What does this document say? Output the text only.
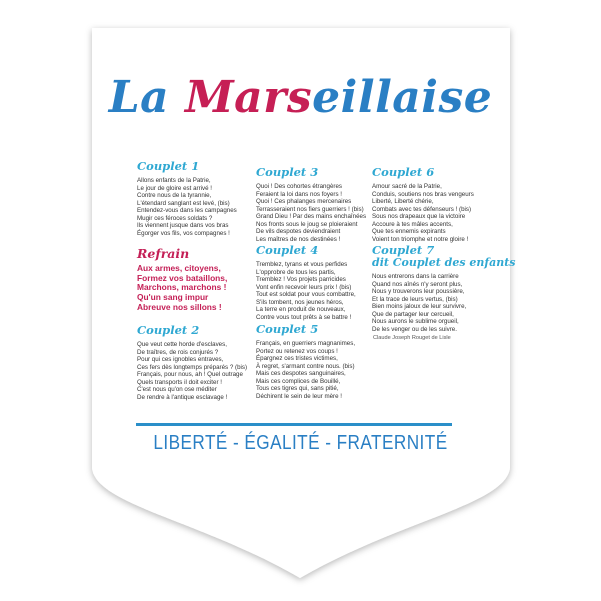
La Marseillaise
Couplet 1
Allons enfants de la Patrie,
Le jour de gloire est arrivé !
Contre nous de la tyrannie,
L'étendard sanglant est levé, (bis)
Entendez-vous dans les campagnes
Mugir ces féroces soldats ?
Ils viennent jusque dans vos bras
Égorger vos fils, vos compagnes !
Refrain
Aux armes, citoyens,
Formez vos bataillons,
Marchons, marchons !
Qu'un sang impur
Abreuve nos sillons !
Couplet 2
Que veut cette horde d'esclaves,
De traîtres, de rois conjurés ?
Pour qui ces ignobles entraves,
Ces fers dès longtemps préparés ? (bis)
Français, pour nous, ah ! Quel outrage
Quels transports il doit exciter !
C'est nous qu'on ose méditer
De rendre à l'antique esclavage !
Couplet 3
Quoi ! Des cohortes étrangères
Feraient la loi dans nos foyers !
Quoi ! Ces phalanges mercenaires
Terrasseraient nos fiers guerriers ! (bis)
Grand Dieu ! Par des mains enchaînées
Nos fronts sous le joug se ploieraient
De vils despotes deviendraient
Les maîtres de nos destinées !
Couplet 4
Tremblez, tyrans et vous perfides
L'opprobre de tous les partis,
Tremblez ! Vos projets parricides
Vont enfin recevoir leurs prix ! (bis)
Tout est soldat pour vous combattre,
S'ils tombent, nos jeunes héros,
La terre en produit de nouveaux,
Contre vous tout prêts à se battre !
Couplet 5
Français, en guerriers magnanimes,
Portez ou retenez vos coups !
Épargnez ces tristes victimes,
À regret, s'armant contre nous. (bis)
Mais ces despotes sanguinaires,
Mais ces complices de Bouillé,
Tous ces tigres qui, sans pitié,
Déchirent le sein de leur mère !
Couplet 6
Amour sacré de la Patrie,
Conduis, soutiens nos bras vengeurs
Liberté, Liberté chérie,
Combats avec tes défenseurs ! (bis)
Sous nos drapeaux que la victoire
Accoure à tes mâles accents,
Que tes ennemis expirants
Voient ton triomphe et notre gloire !
Couplet 7
dit Couplet des enfants
Nous entrerons dans la carrière
Quand nos aînés n'y seront plus,
Nous y trouverons leur poussière,
Et la trace de leurs vertus, (bis)
Bien moins jaloux de leur survivre,
Que de partager leur cercueil,
Nous aurons le sublime orgueil,
De les venger ou de les suivre.
Claude Joseph Rouget de Lisle
LIBERTÉ - ÉGALITÉ - FRATERNITÉ
